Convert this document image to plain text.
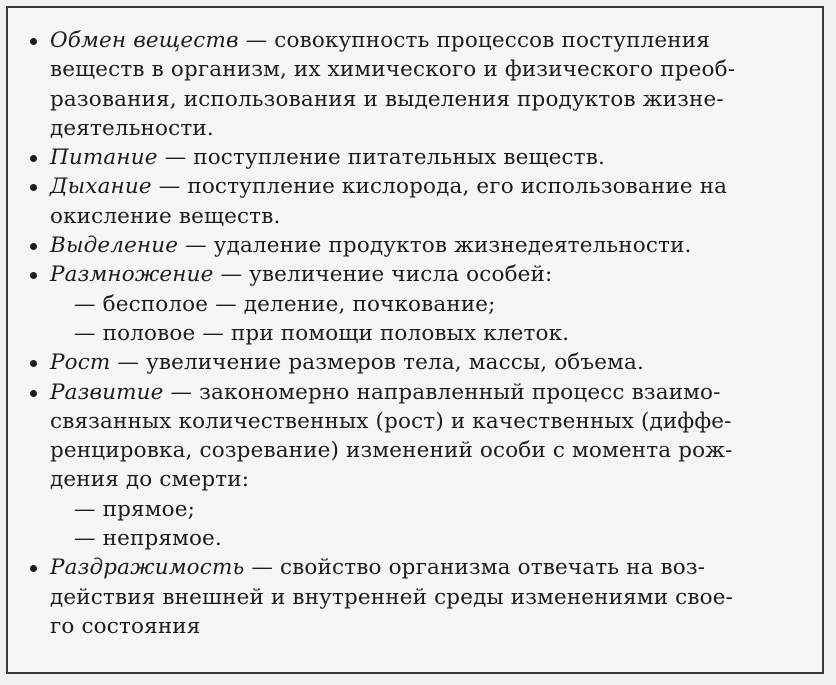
Обмен веществ — совокупность процессов поступления
веществ в организм, их химического и физического преоб-
разования, использования и выделения продуктов жизне-
деятельности.
Питание — поступление питательных веществ.
Дыхание — поступление кислорода, его использование на
окисление веществ.
Выделение — удаление продуктов жизнедеятельности.
Размножение — увеличение числа особей:
— бесполое — деление, почкование;
— половое — при помощи половых клеток.
Рост — увеличение размеров тела, массы, объема.
Развитие — закономерно направленный процесс взаимо-
связанных количественных (рост) и качественных (диффе-
ренцировка, созревание) изменений особи с момента рож-
дения до смерти:
— прямое;
— непрямое.
Раздражимость — свойство организма отвечать на воз-
действия внешней и внутренней среды изменениями свое-
го состояния
